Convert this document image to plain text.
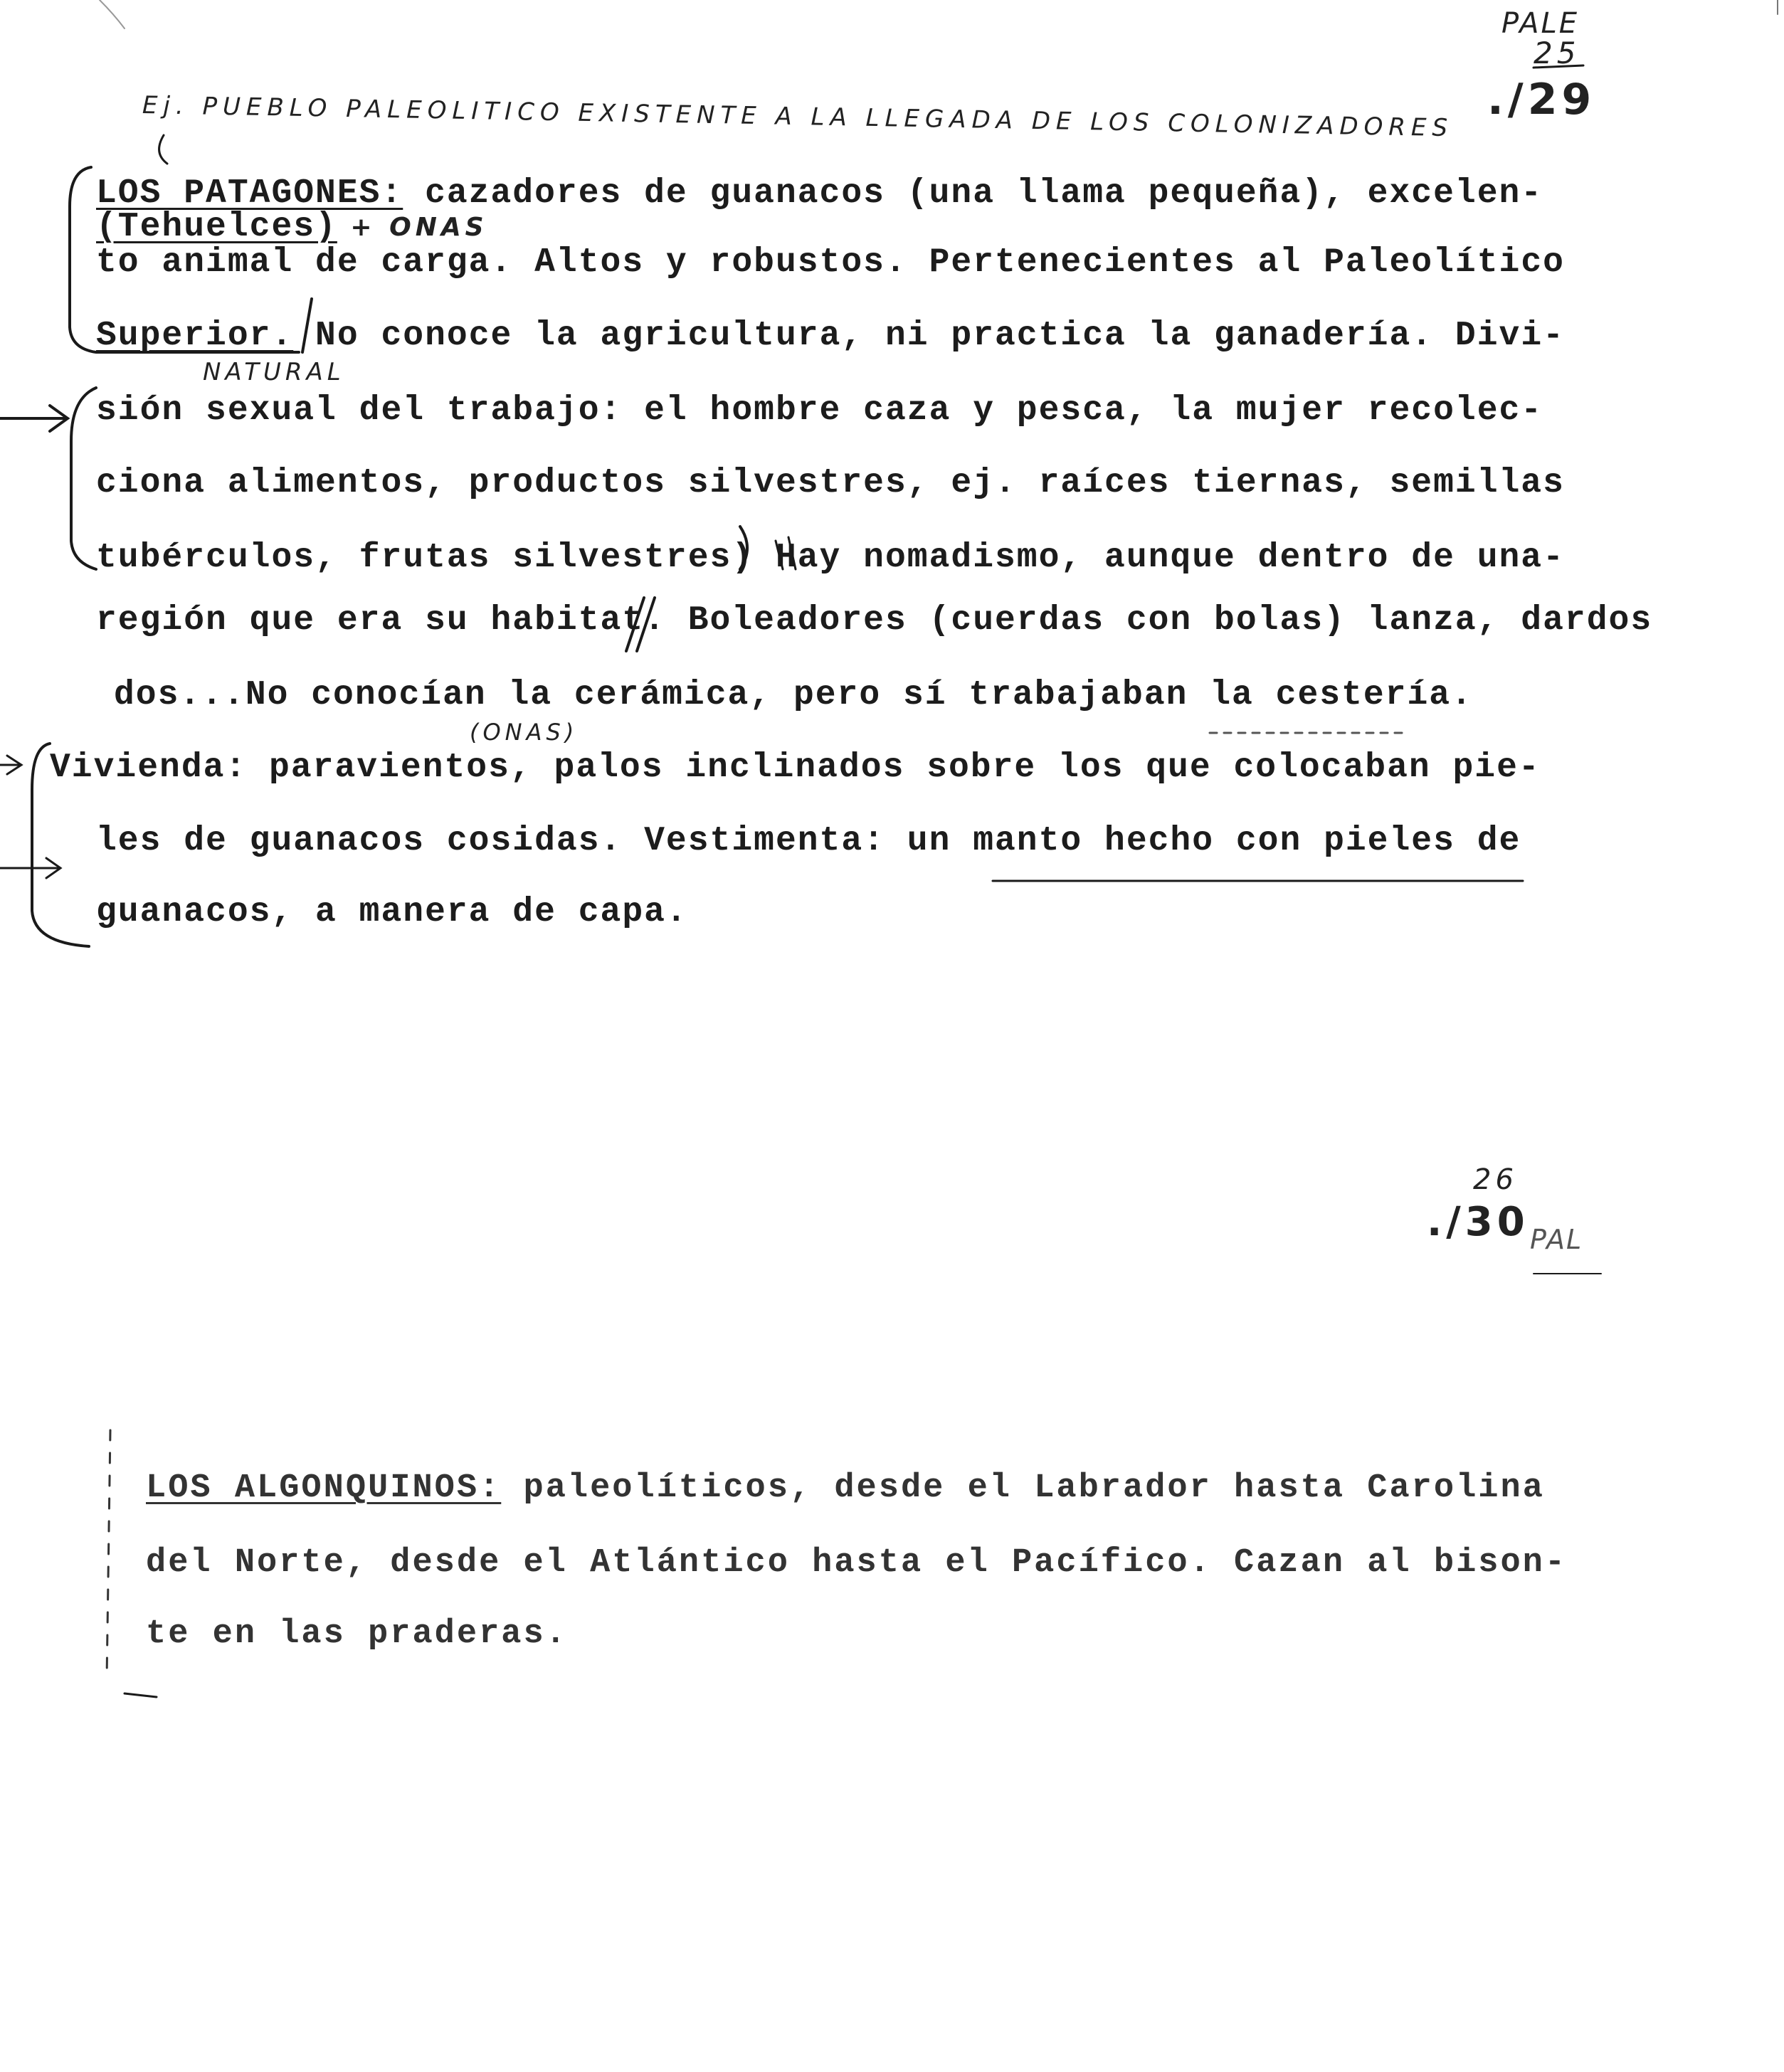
PALE
25
./29
Ej. PUEBLO PALEOLITICO EXISTENTE A LA LLEGADA DE LOS COLONIZADORES
LOS PATAGONES: cazadores de guanacos (una llama pequeña), excelen-
(Tehuelces) + ONAS
to animal de carga. Altos y robustos. Pertenecientes al Paleolítico
Superior. No conoce la agricultura, ni practica la ganadería. Divi-
NATURAL
sión sexual del trabajo: el hombre caza y pesca, la mujer recolec-
ciona alimentos, productos silvestres, ej. raíces tiernas, semillas
tubérculos, frutas silvestres) Hay nomadismo, aunque dentro de una-
región que era su habitat. Boleadores (cuerdas con bolas) lanza, dardos
dos...No conocían la cerámica, pero sí trabajaban la cestería.
(ONAS)
Vivienda: paravientos, palos inclinados sobre los que colocaban pie-
les de guanacos cosidas. Vestimenta: un manto hecho con pieles de
guanacos, a manera de capa.
26
./30 PAL
LOS ALGONQUINOS: paleolíticos, desde el Labrador hasta Carolina
del Norte, desde el Atlántico hasta el Pacífico. Cazan al bison-
te en las praderas.
